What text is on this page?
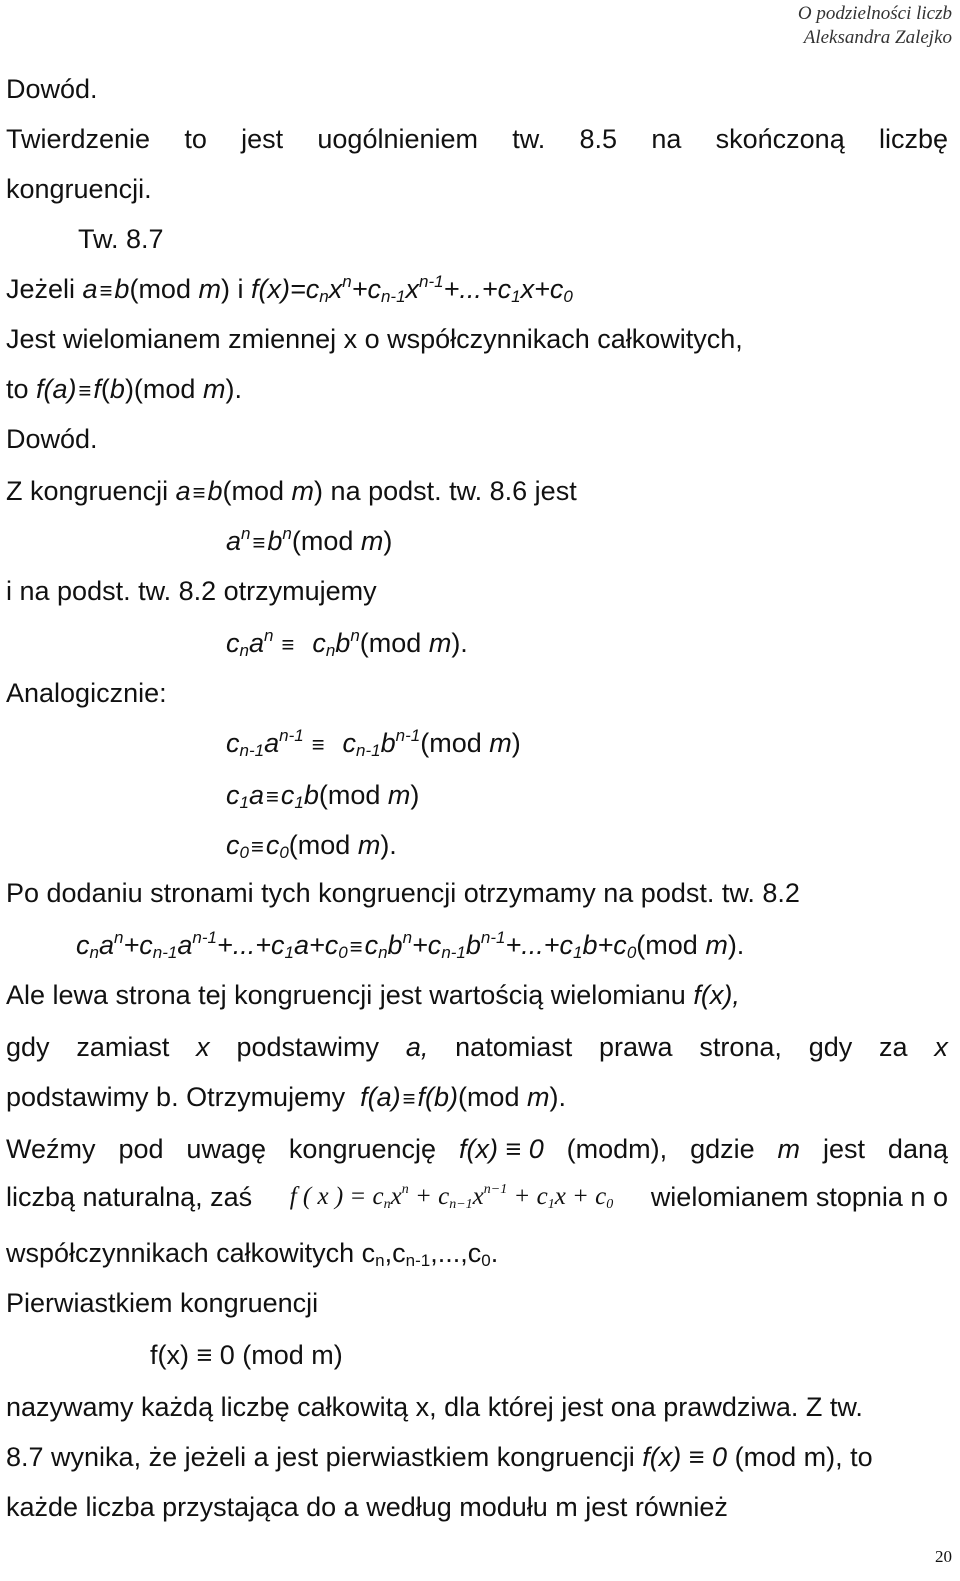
O podzielności liczb
Aleksandra Zalejko
Dowód.
Twierdzenie to jest uogólnieniem tw. 8.5 na skończoną liczbę
kongruencji.
Tw. 8.7
Jeżeli a≡b(mod m) i $f(x)=c_nx^n+c_{n-1}x^{n-1}+...+c_1x+c_0$
Jest wielomianem zmiennej x o współczynnikach całkowitych,
to f(a)≡f(b)(mod m).
Dowód.
Z kongruencji a≡b(mod m) na podst. tw. 8.6 jest
$a^n\equiv b^n(mod$ m)
i na podst. tw. 8.2 otrzymujemy
$c_na^n \equiv c_nb^n(mod$ m).
Analogicznie:
$c_{n-1}a^{n-1} \equiv c_{n-1}b^{n-1}(mod$ m)
$c_1a\equiv c_1b(mod$ m)
$c_0\equiv c_0(mod$ m).
Po dodaniu stronami tych kongruencji otrzymamy na podst. tw. 8.2
$c_na^n+c_{n-1}a^{n-1}+...+c_1a+c_0\equiv c_nb^n+c_{n-1}b^{n-1}+...+c_1b+c_0(mod$ m).
Ale lewa strona tej kongruencji jest wartością wielomianu f(x),
gdy zamiast x podstawimy a, natomiast prawa strona, gdy za x
podstawimy b. Otrzymujemy f(a)≡f(b)(mod m).
Weźmy pod uwagę kongruencję f(x) ≡ 0 (modm), gdzie m jest daną
liczbą naturalną, zaś f ( x ) = $c_nx^n + c_{n-1}x^{n-1} + c_1x + c_0$ wielomianem stopnia n o
współczynnikach całkowitych $c_n,c_{n-1},...,c_0$.
Pierwiastkiem kongruencji
f(x) ≡ 0 (mod m)
nazywamy każdą liczbę całkowitą x, dla której jest ona prawdziwa. Z tw.
8.7 wynika, że jeżeli a jest pierwiastkiem kongruencji f(x) ≡ 0 (mod m), to
każde liczba przystająca do a według modułu m jest również
20
